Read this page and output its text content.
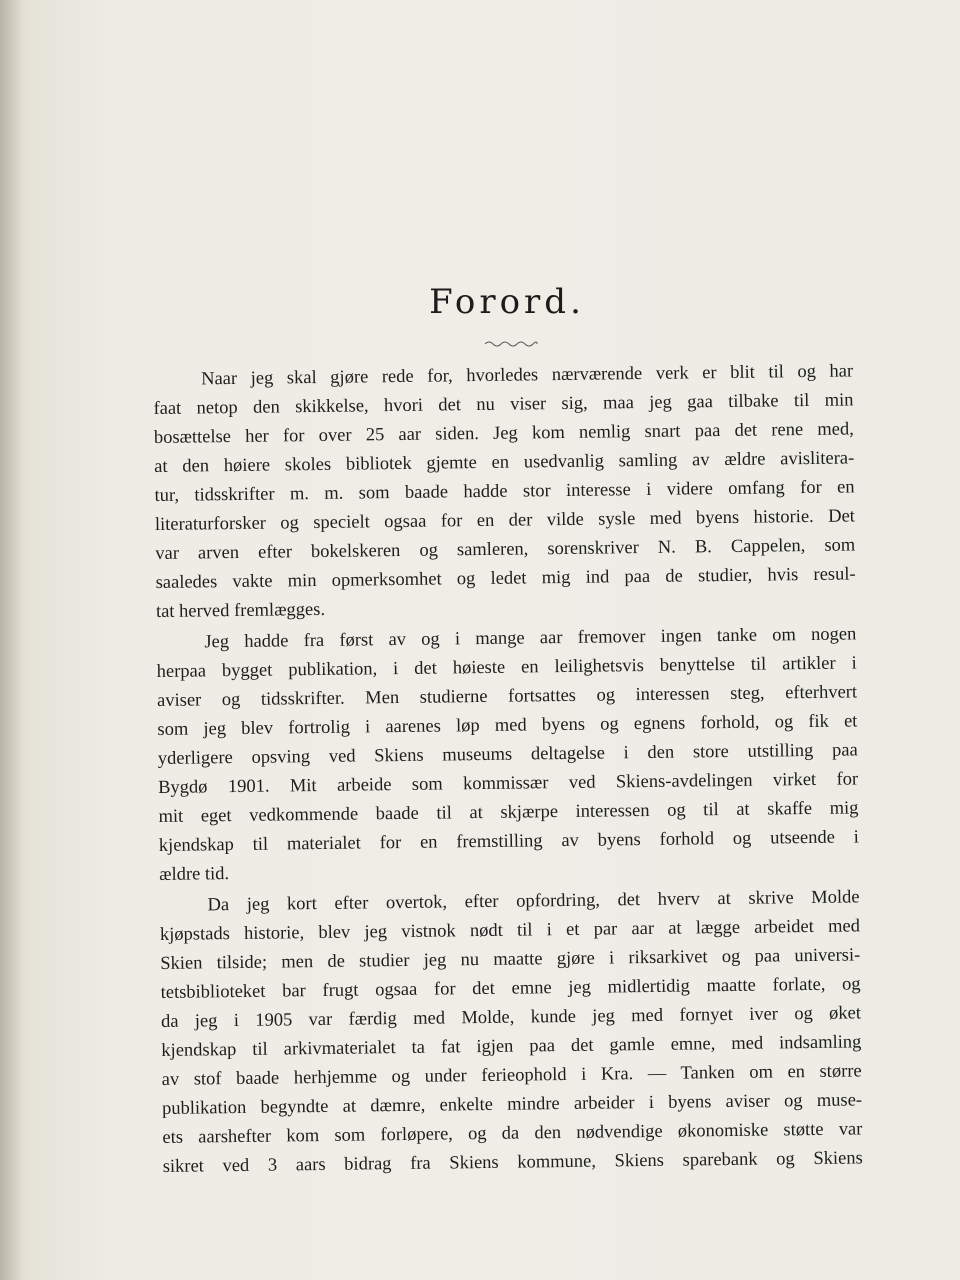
Forord.
Naar jeg skal gjøre rede for, hvorledes nærværende verk er blit til og har
faat netop den skikkelse, hvori det nu viser sig, maa jeg gaa tilbake til min
bosættelse her for over 25 aar siden. Jeg kom nemlig snart paa det rene med,
at den høiere skoles bibliotek gjemte en usedvanlig samling av ældre avislitera-
tur, tidsskrifter m. m. som baade hadde stor interesse i videre omfang for en
literaturforsker og specielt ogsaa for en der vilde sysle med byens historie. Det
var arven efter bokelskeren og samleren, sorenskriver N. B. Cappelen, som
saaledes vakte min opmerksomhet og ledet mig ind paa de studier, hvis resul-
tat herved fremlægges.
Jeg hadde fra først av og i mange aar fremover ingen tanke om nogen
herpaa bygget publikation, i det høieste en leilighetsvis benyttelse til artikler i
aviser og tidsskrifter. Men studierne fortsattes og interessen steg, efterhvert
som jeg blev fortrolig i aarenes løp med byens og egnens forhold, og fik et
yderligere opsving ved Skiens museums deltagelse i den store utstilling paa
Bygdø 1901. Mit arbeide som kommissær ved Skiens-avdelingen virket for
mit eget vedkommende baade til at skjærpe interessen og til at skaffe mig
kjendskap til materialet for en fremstilling av byens forhold og utseende i
ældre tid.
Da jeg kort efter overtok, efter opfordring, det hverv at skrive Molde
kjøpstads historie, blev jeg vistnok nødt til i et par aar at lægge arbeidet med
Skien tilside; men de studier jeg nu maatte gjøre i riksarkivet og paa universi-
tetsbiblioteket bar frugt ogsaa for det emne jeg midlertidig maatte forlate, og
da jeg i 1905 var færdig med Molde, kunde jeg med fornyet iver og øket
kjendskap til arkivmaterialet ta fat igjen paa det gamle emne, med indsamling
av stof baade herhjemme og under ferieophold i Kra. — Tanken om en større
publikation begyndte at dæmre, enkelte mindre arbeider i byens aviser og muse-
ets aarshefter kom som forløpere, og da den nødvendige økonomiske støtte var
sikret ved 3 aars bidrag fra Skiens kommune, Skiens sparebank og Skiens
